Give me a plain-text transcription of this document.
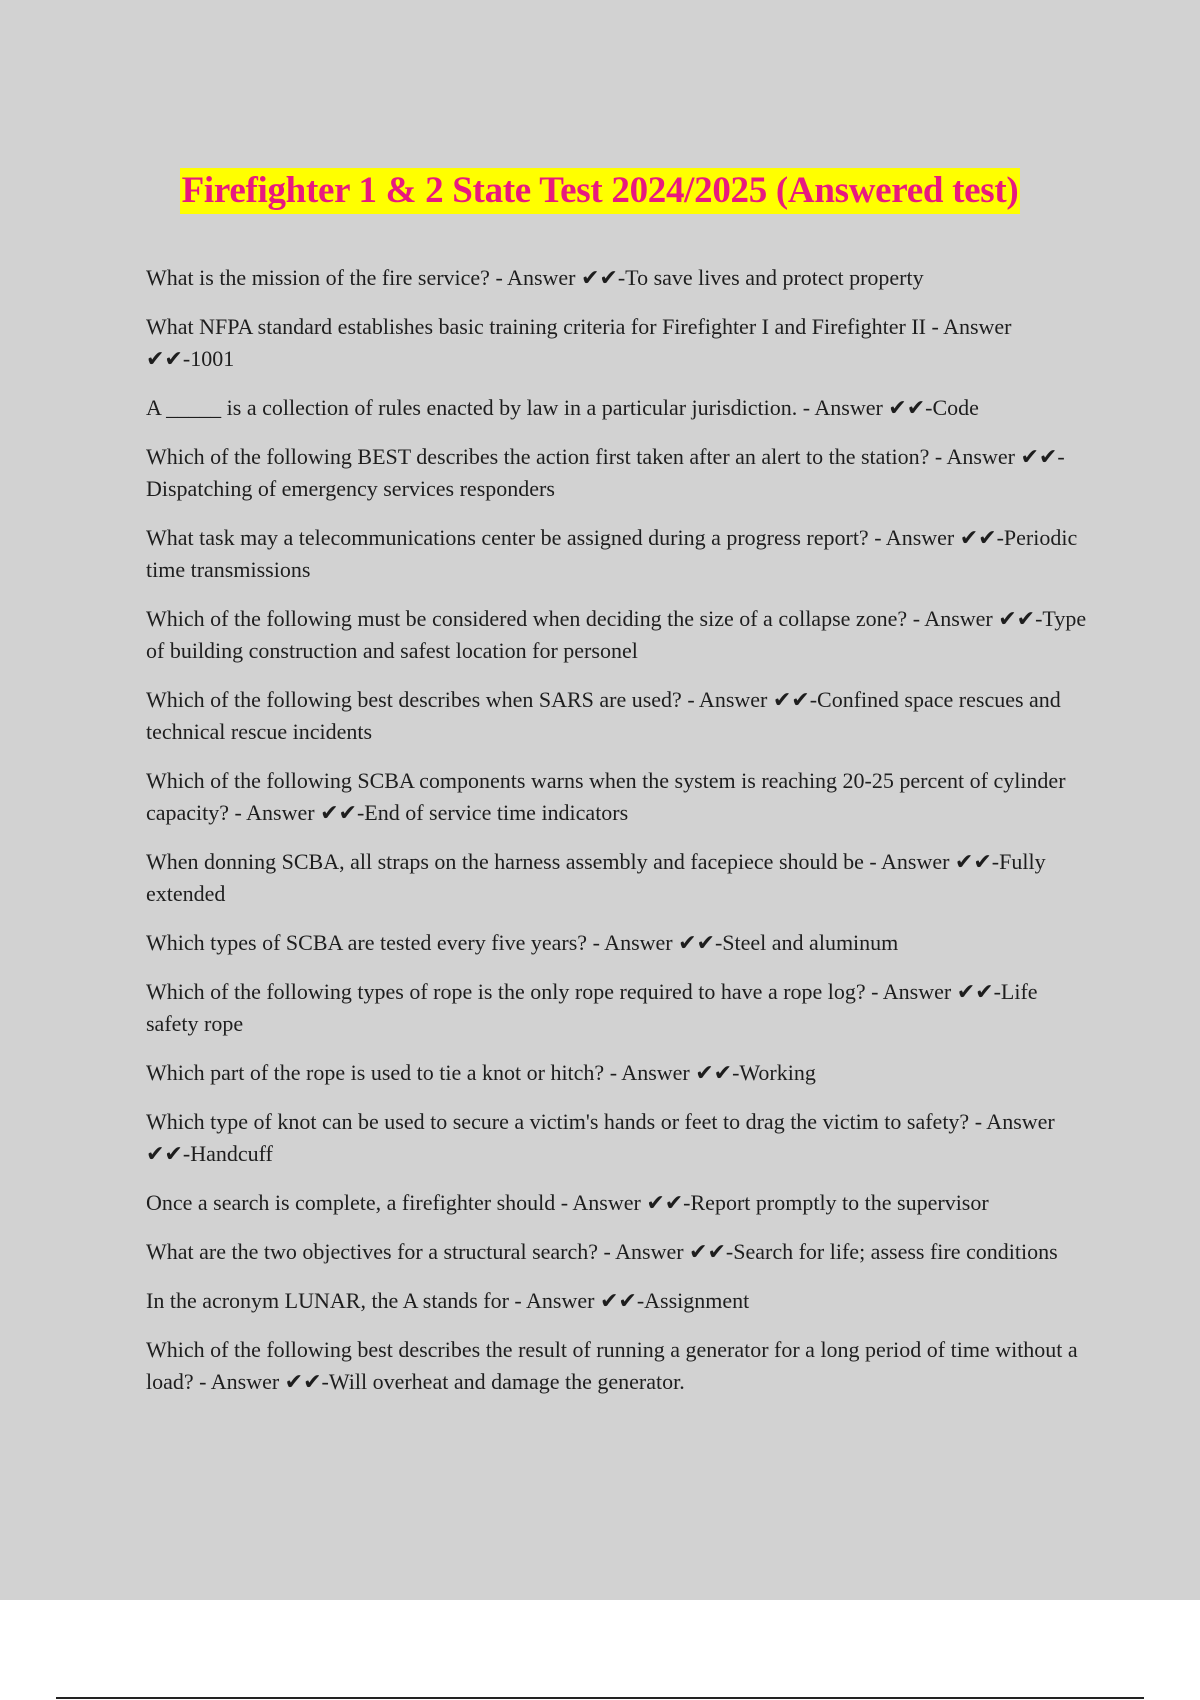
Firefighter 1 & 2 State Test 2024/2025 (Answered test)
What is the mission of the fire service? - Answer ✔✔-To save lives and protect property
What NFPA standard establishes basic training criteria for Firefighter I and Firefighter II - Answer ✔✔-1001
A _____ is a collection of rules enacted by law in a particular jurisdiction. - Answer ✔✔-Code
Which of the following BEST describes the action first taken after an alert to the station? - Answer ✔✔-Dispatching of emergency services responders
What task may a telecommunications center be assigned during a progress report? - Answer ✔✔-Periodic time transmissions
Which of the following must be considered when deciding the size of a collapse zone? - Answer ✔✔-Type of building construction and safest location for personel
Which of the following best describes when SARS are used? - Answer ✔✔-Confined space rescues and technical rescue incidents
Which of the following SCBA components warns when the system is reaching 20-25 percent of cylinder capacity? - Answer ✔✔-End of service time indicators
When donning SCBA, all straps on the harness assembly and facepiece should be - Answer ✔✔-Fully extended
Which types of SCBA are tested every five years? - Answer ✔✔-Steel and aluminum
Which of the following types of rope is the only rope required to have a rope log? - Answer ✔✔-Life safety rope
Which part of the rope is used to tie a knot or hitch? - Answer ✔✔-Working
Which type of knot can be used to secure a victim's hands or feet to drag the victim to safety? - Answer ✔✔-Handcuff
Once a search is complete, a firefighter should - Answer ✔✔-Report promptly to the supervisor
What are the two objectives for a structural search? - Answer ✔✔-Search for life; assess fire conditions
In the acronym LUNAR, the A stands for - Answer ✔✔-Assignment
Which of the following best describes the result of running a generator for a long period of time without a load? - Answer ✔✔-Will overheat and damage the generator.
